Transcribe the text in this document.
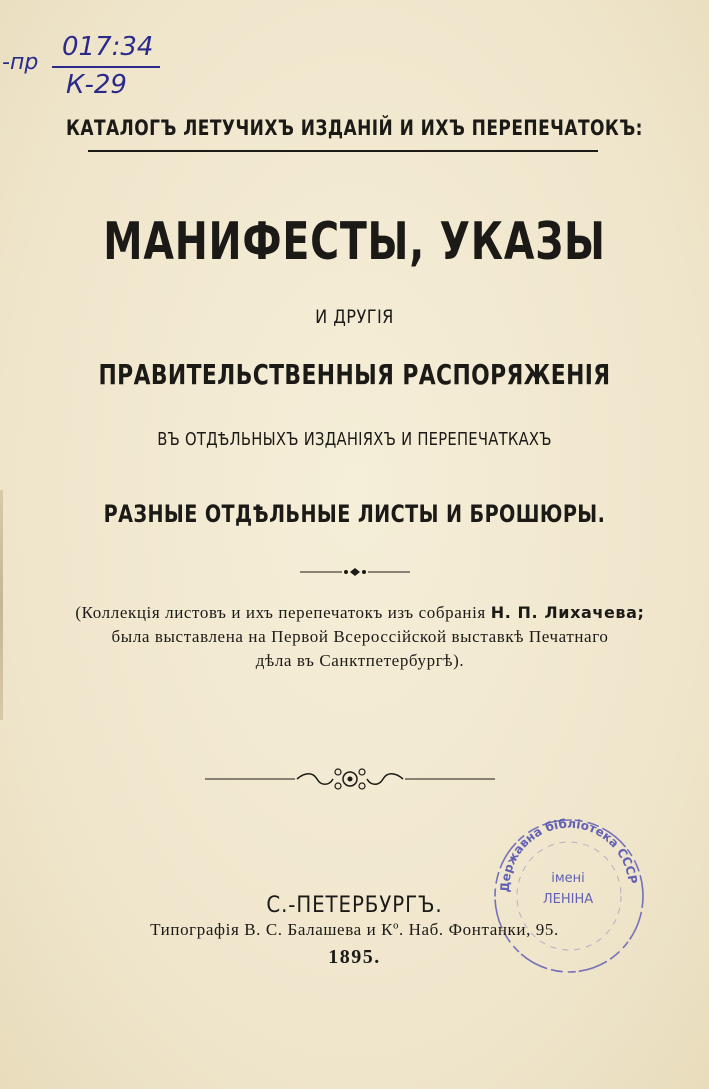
-пр
017:34
К-29
КАТАЛОГЪ ЛЕТУЧИХЪ ИЗДАНІЙ И ИХЪ ПЕРЕПЕЧАТОКЪ:
МАНИФЕСТЫ, УКАЗЫ
И ДРУГІЯ
ПРАВИТЕЛЬСТВЕННЫЯ РАСПОРЯЖЕНІЯ
ВЪ ОТДѢЛЬНЫХЪ ИЗДАНІЯХЪ И ПЕРЕПЕЧАТКАХЪ
РАЗНЫЕ ОТДѢЛЬНЫЕ ЛИСТЫ И БРОШЮРЫ.
(Коллекція листовъ и ихъ перепечатокъ изъ собранія Н. П. Лихачева;
была выставлена на Первой Всероссійской выставкѣ Печатнаго
дѣла въ Санктпетербургѣ).
Державна бібліотека СССР
імені
ЛЕНІНА
С.-ПЕТЕРБУРГЪ.
Типографія В. С. Балашева и Кº. Наб. Фонтанки, 95.
1895.
